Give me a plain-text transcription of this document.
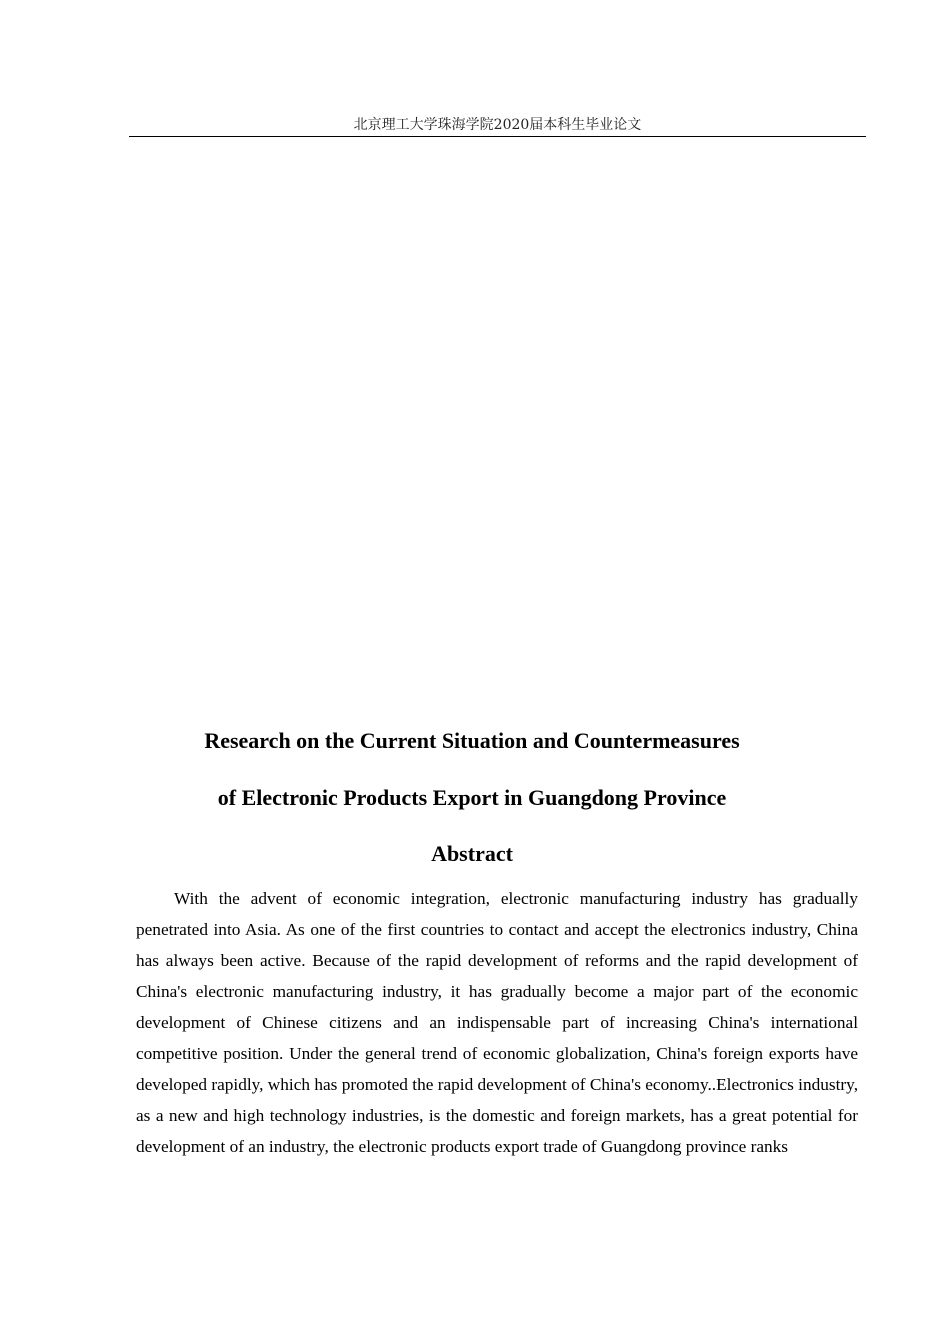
北京理工大学珠海学院2020届本科生毕业论文
Research on the Current Situation and Countermeasures
of Electronic Products Export in Guangdong Province
Abstract

With the advent of economic integration, electronic manufacturing industry has gradually penetrated into Asia. As one of the first countries to contact and accept the electronics industry, China has always been active. Because of the rapid development of reforms and the rapid development of China's electronic manufacturing industry, it has gradually become a major part of the economic development of Chinese citizens and an indispensable part of increasing China's international competitive position. Under the general trend of economic globalization, China's foreign exports have developed rapidly, which has promoted the rapid development of China's economy..Electronics industry, as a new and high technology industries, is the domestic and foreign markets, has a great potential for development of an industry, the electronic products export trade of Guangdong province ranks
